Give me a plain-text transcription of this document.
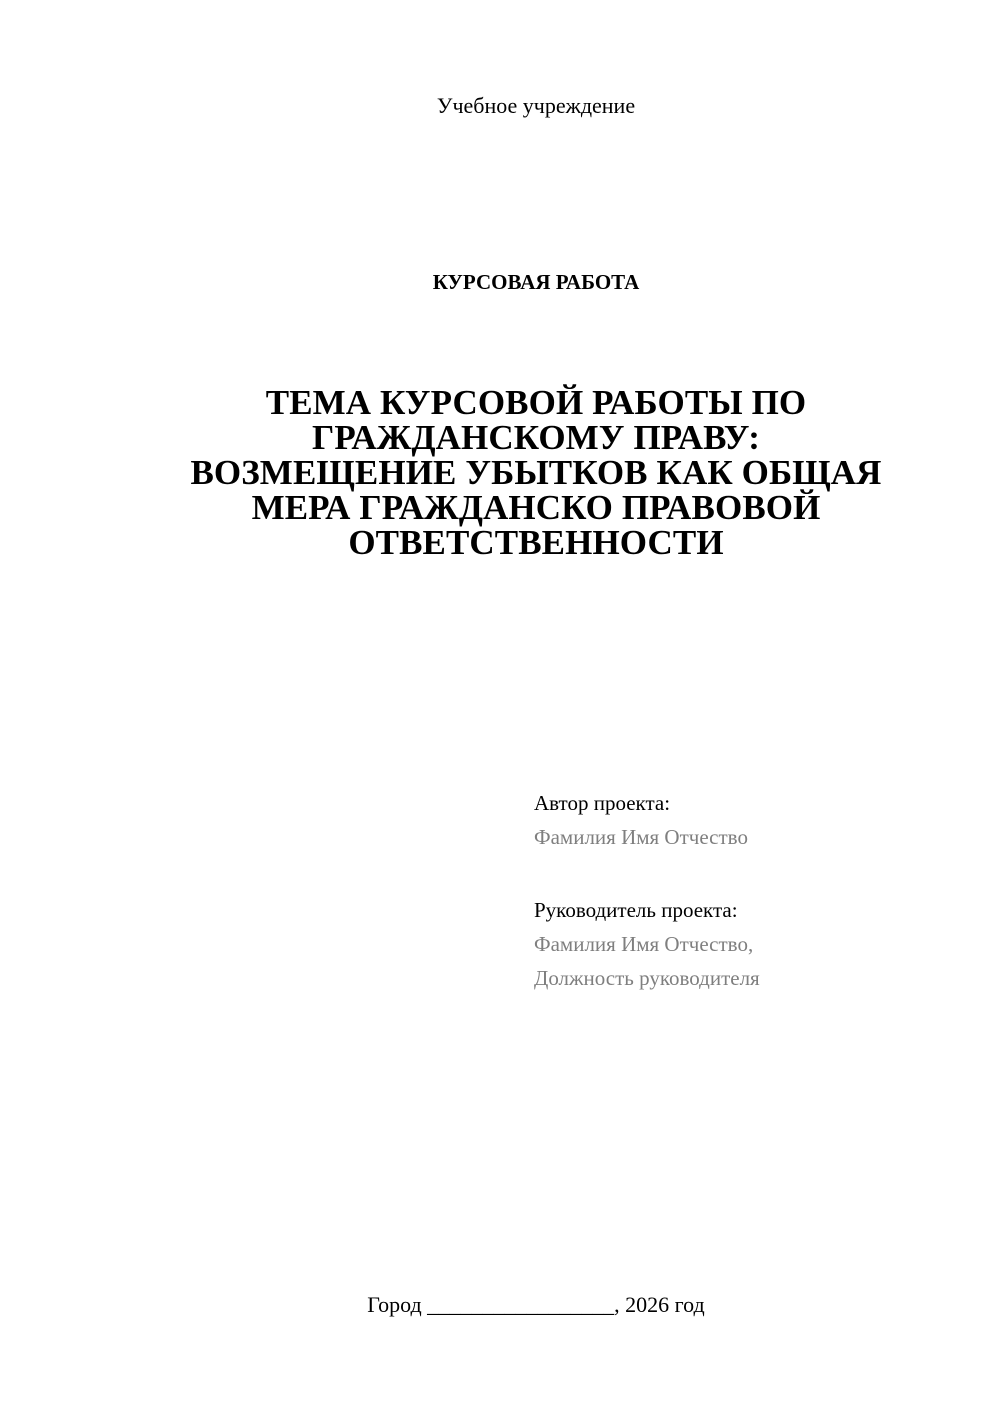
Учебное учреждение
КУРСОВАЯ РАБОТА
ТЕМА КУРСОВОЙ РАБОТЫ ПО
ГРАЖДАНСКОМУ ПРАВУ:
ВОЗМЕЩЕНИЕ УБЫТКОВ КАК ОБЩАЯ
МЕРА ГРАЖДАНСКО ПРАВОВОЙ
ОТВЕТСТВЕННОСТИ
Автор проекта:
Фамилия Имя Отчество
Руководитель проекта:
Фамилия Имя Отчество,
Должность руководителя
Город _________________, 2026 год
